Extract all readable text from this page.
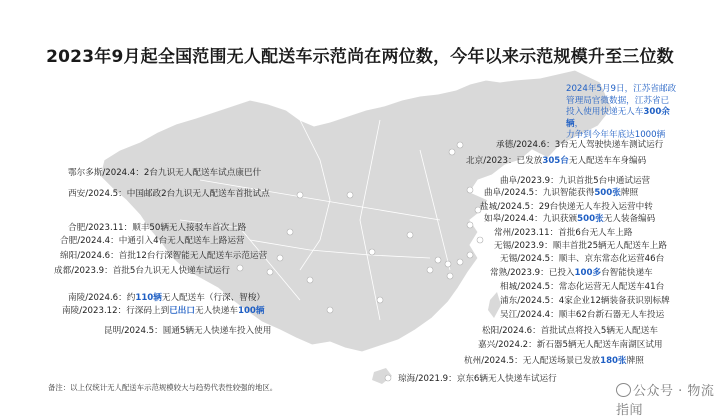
2023年9月起全国范围无人配送车示范尚在两位数，今年以来示范规模升至三位数
2024年5月9日，江苏省邮政
管理局官微数据，江苏省已
投入使用快递无人车300余辆，
力争到今年年底达1000辆
鄂尔多斯/2024.4：2台九识无人配送车试点康巴什
西安/2024.5：中国邮政2台九识无人配送车首批试点
合肥/2023.11：顺丰50辆无人接驳车首次上路
合肥/2024.4：中通引入4台无人配送车上路运营
绵阳/2024.6：首批12台行深智能无人配送车示范运营
成都/2023.9：首批5台九识无人快递车试运行
南陵/2024.6：约110辆无人配送车（行深、智梭）
南陵/2023.12：行深码上到已出口无人快递车100辆
昆明/2024.5：圆通5辆无人快递车投入使用
承德/2024.6：3台无人驾驶快递车测试运行
北京/2023：已发放305台无人配送车车身编码
曲阜/2023.9：九识首批5台申通试运营
曲阜/2024.5：九识智能获得500张牌照
盐城/2024.5：29台快递无人车投入运营中转
如皋/2024.4：九识获颁500张无人装备编码
常州/2023.11：首批6台无人车上路
无锡/2023.9：顺丰首批25辆无人配送车上路
无锡/2024.5：顺丰、京东常态化运营46台
常熟/2023.9：已投入100多台智能快递车
相城/2024.5：常态化运营无人配送车41台
浦东/2024.5：4家企业12辆装备获识别标牌
吴江/2024.4：顺丰62台新石器无人车投运
松阳/2024.6：首批试点将投入5辆无人配送车
嘉兴/2024.2：新石器5辆无人配送车南湖区试用
杭州/2024.5：无人配送场景已发放180张牌照
琼海/2021.9：京东6辆无人快递车试运行
备注：以上仅统计无人配送车示范规模较大与趋势代表性较强的地区。	公众号 · 物流指闻
